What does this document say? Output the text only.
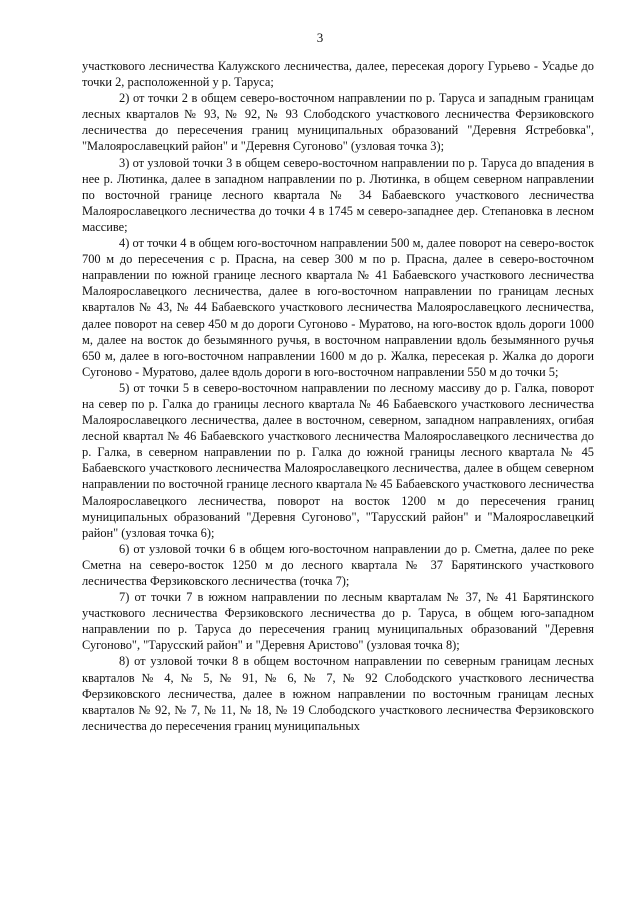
3

участкового лесничества Калужского лесничества, далее, пересекая дорогу Гурьево - Усадье до точки 2, расположенной у р. Таруса;

2) от точки 2 в общем северо-восточном направлении по р. Таруса и западным границам лесных кварталов № 93, № 92, № 93 Слободского участкового лесничества Ферзиковского лесничества до пересечения границ муниципальных образований "Деревня Ястребовка", "Малоярославецкий район" и "Деревня Сугоново" (узловая точка 3);

3) от узловой точки 3 в общем северо-восточном направлении по р. Таруса до впадения в нее р. Лютинка, далее в западном направлении по р. Лютинка, в общем северном направлении по восточной границе лесного квартала № 34 Бабаевского участкового лесничества Малоярославецкого лесничества до точки 4 в 1745 м северо-западнее дер. Степановка в лесном массиве;

4) от точки 4 в общем юго-восточном направлении 500 м, далее поворот на северо-восток 700 м до пересечения с р. Прасна, на север 300 м по р. Прасна, далее в северо-восточном направлении по южной границе лесного квартала № 41 Бабаевского участкового лесничества Малоярославецкого лесничества, далее в юго-восточном направлении по границам лесных кварталов № 43, № 44 Бабаевского участкового лесничества Малоярославецкого лесничества, далее поворот на север 450 м до дороги Сугоново - Муратово, на юго-восток вдоль дороги 1000 м, далее на восток до безымянного ручья, в восточном направлении вдоль безымянного ручья 650 м, далее в юго-восточном направлении 1600 м до р. Жалка, пересекая р. Жалка до дороги Сугоново - Муратово, далее вдоль дороги в юго-восточном направлении 550 м до точки 5;

5) от точки 5 в северо-восточном направлении по лесному массиву до р. Галка, поворот на север по р. Галка до границы лесного квартала № 46 Бабаевского участкового лесничества Малоярославецкого лесничества, далее в восточном, северном, западном направлениях, огибая лесной квартал № 46 Бабаевского участкового лесничества Малоярославецкого лесничества до р. Галка, в северном направлении по р. Галка до южной границы лесного квартала № 45 Бабаевского участкового лесничества Малоярославецкого лесничества, далее в общем северном направлении по восточной границе лесного квартала № 45 Бабаевского участкового лесничества Малоярославецкого лесничества, поворот на восток 1200 м до пересечения границ муниципальных образований "Деревня Сугоново", "Тарусский район" и "Малоярославецкий район" (узловая точка 6);

6) от узловой точки 6 в общем юго-восточном направлении до р. Сметна, далее по реке Сметна на северо-восток 1250 м до лесного квартала № 37 Барятинского участкового лесничества Ферзиковского лесничества (точка 7);

7) от точки 7 в южном направлении по лесным кварталам № 37, № 41 Барятинского участкового лесничества Ферзиковского лесничества до р. Таруса, в общем юго-западном направлении по р. Таруса до пересечения границ муниципальных образований "Деревня Сугоново", "Тарусский район" и "Деревня Аристово" (узловая точка 8);

8) от узловой точки 8 в общем восточном направлении по северным границам лесных кварталов № 4, № 5, № 91, № 6, № 7, № 92 Слободского участкового лесничества Ферзиковского лесничества, далее в южном направлении по восточным границам лесных кварталов № 92, № 7, № 11, № 18, № 19 Слободского участкового лесничества Ферзиковского лесничества до пересечения границ муниципальных
